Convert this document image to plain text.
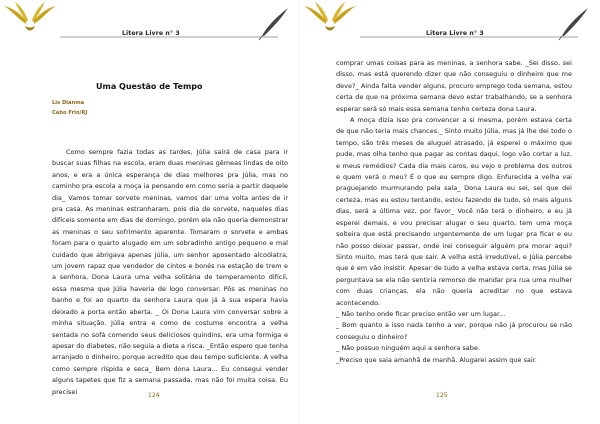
Litera Livre n° 3
Uma Questão de Tempo
Lis Dianma
Cabo Frio/RJ

Como sempre fazia todas as tardes, Júlia sairá de casa para ir buscar suas filhas na escola, eram duas meninas gêmeas lindas de oito anos, e era a única esperança de dias melhores pra Júlia, mas no caminho pra escola a moça ia pensando em como seria a partir daquele dia_ Vamos tomar sorvete meninas, vamos dar uma volta antes de ir pra casa. As meninas estranharam, pois dia de sorvete, naqueles dias difíceis somente em dias de domingo, porém ela não queria demonstrar as meninas o seu sofrimento aparente. Tomaram o sorvete e ambas foram para o quarto alugado em um sobradinho antigo pequeno e mal cuidado que abrigava apenas Júlia, um senhor aposentado alcoólatra, um jovem rapaz que vendedor de cintos e bonés na estação de trem e a senhora, Dona Laura uma velha solitária de temperamento difícil, essa mesma que Júlia haveria de logo conversar. Pôs as meninas no banho e foi ao quarto da senhora Laura que já à sua espera havia deixado a porta então aberta. _ Oi Dona Laura vim conversar sobre a minha situação. Júlia entra e como de costume encontra a velha sentada no sofá comendo seus deliciosos quindins, era uma formiga e apesar do diabetes, não seguia a dieta a risca. _Então espero que tenha arranjado o dinheiro, porque acredito que deu tempo suficiente. A velha como sempre ríspida e seca_ Bem dona Laura... Eu consegui vender alguns tapetes que fiz a semana passada, mas não foi muita coisa. Eu precisei	124
Litera Livre n° 3

comprar umas coisas para as meninas, a senhora sabe. _Sei disso, sei disso, mas está querendo dizer que não conseguiu o dinheiro que me deve?_ Ainda falta vender alguns, procuro emprego toda semana, estou certa de que na próxima semana devo estar trabalhando, se a senhora esperar será só mais essa semana tenho certeza dona Laura.

A moça dizia isso pra convencer a si mesma, porém estava certa de que não teria mais chances._ Sinto muito Júlia, mas já lhe dei todo o tempo, são três meses de aluguel atrasado, já esperei o máximo que pude, mas olha tenho que pagar as contas daqui, logo vão cortar a luz, e meus remédios? Cada dia mais caros, eu vejo o problema dos outros e quem verá o meu? É o que eu sempre digo. Enfurecida a velha vai praguejando murmurando pela sala_ Dona Laura eu sei, sei que dei certeza, mas eu estou tentando, estou fazendo de tudo, só mais alguns dias, será a última vez, por favor_ Você não terá o dinheiro, e eu já esperei demais, e vou precisar alugar o seu quarto, tem uma moça solteira que está precisando urgentemente de um lugar pra ficar e eu não posso deixar passar, onde irei conseguir alguém pra morar aqui? Sinto muito, mas terá que sair. A velha está irredutível, e Júlia percebe que é em vão insistir. Apesar de tudo a velha estava certa, mas Júlia se perguntava se ela não sentiria remorso de mandar pra rua uma mulher com duas crianças, ela não queria acreditar no que estava acontecendo.

_ Não tenho onde ficar preciso então ver um lugar...

_ Bom quanto a isso nada tenho a ver, porque não já procurou se não conseguiu o dinheiro?

_ Não possuo ninguém aqui a senhora sabe.

_Preciso que saia amanhã de manhã. Alugarei assim que sair.

125
